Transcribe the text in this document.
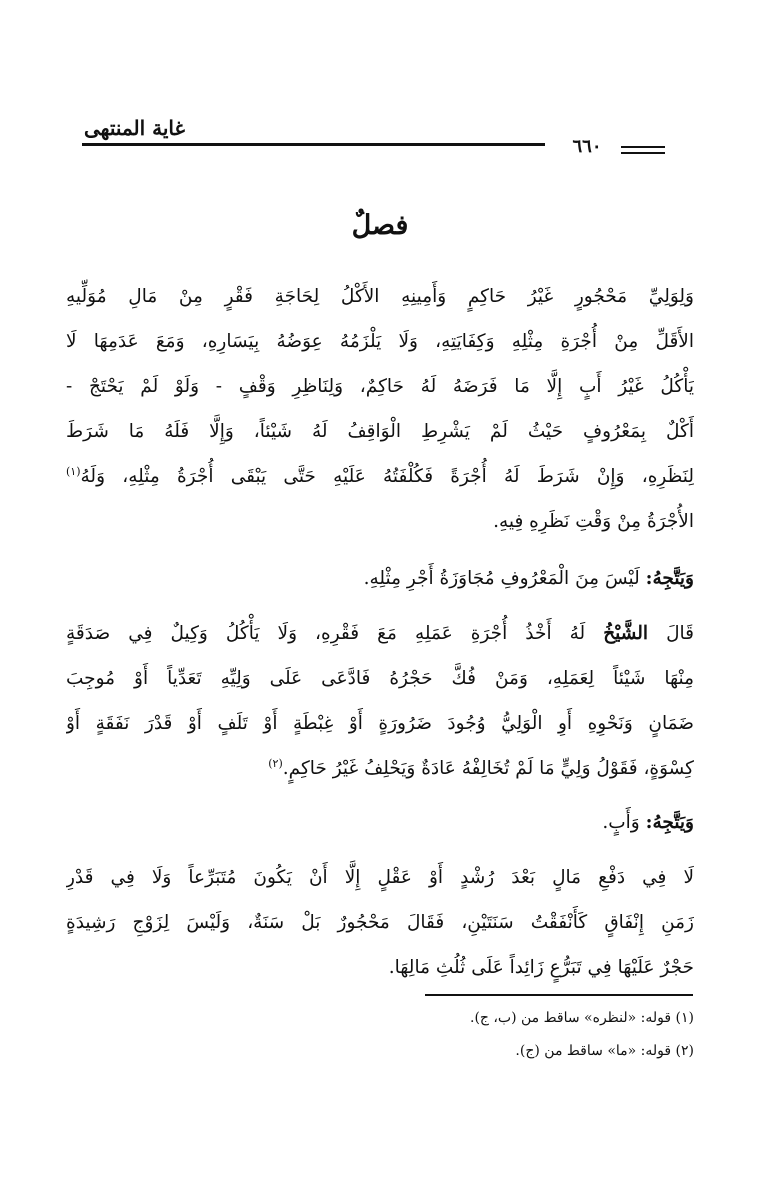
غاية المنتهى
٦٦٠
فصلٌ

وَلِوَلِيِّ مَحْجُورٍ غَيْرُ حَاكِمٍ وَأَمِينِهِ الأَكْلُ لِحَاجَةِ فَقْرٍ مِنْ مَالِ مُوَلِّيهِ
الأَقَلِّ مِنْ أُجْرَةِ مِثْلِهِ وَكِفَايَتِهِ، وَلَا يَلْزَمُهُ عِوَضُهُ بِيَسَارِهِ، وَمَعَ عَدَمِهَا لَا
يَأْكُلُ غَيْرُ أَبٍ إِلَّا مَا فَرَضَهُ لَهُ حَاكِمٌ، وَلِنَاظِرِ وَقْفٍ - وَلَوْ لَمْ يَحْتَجْ -
أَكْلٌ بِمَعْرُوفٍ حَيْثُ لَمْ يَشْرِطِ الْوَاقِفُ لَهُ شَيْئاً، وَإِلَّا فَلَهُ مَا شَرَطَ
لِنَظَرِهِ، وَإِنْ شَرَطَ لَهُ أُجْرَةً فَكُلْفَتُهُ عَلَيْهِ حَتَّى يَبْقَى أُجْرَةُ مِثْلِهِ، وَلَهُ$^{(١)}$
الأُجْرَةُ مِنْ وَقْتِ نَظَرِهِ فِيهِ.

وَيَتَّجِهُ: لَيْسَ مِنَ الْمَعْرُوفِ مُجَاوَزَةُ أَجْرِ مِثْلِهِ.

قَالَ الشَّيْخُ لَهُ أَخْذُ أُجْرَةِ عَمَلِهِ مَعَ فَقْرِهِ، وَلَا يَأْكُلُ وَكِيلٌ فِي صَدَقَةٍ
مِنْهَا شَيْئاً لِعَمَلِهِ، وَمَنْ فُكَّ حَجْرُهُ فَادَّعَى عَلَى وَلِيِّهِ تَعَدِّياً أَوْ مُوجِبَ
ضَمَانٍ وَنَحْوِهِ أَوِ الْوَلِيُّ وُجُودَ ضَرُورَةٍ أَوْ غِبْطَةٍ أَوْ تَلَفٍ أَوْ قَدْرَ نَفَقَةٍ أَوْ
كِسْوَةٍ، فَقَوْلُ وَلِيٍّ مَا لَمْ تُخَالِفْهُ عَادَةٌ وَيَحْلِفُ غَيْرُ حَاكِمٍ.$^{(٢)}$

وَيَتَّجِهُ: وَأَبٍ.

لَا فِي دَفْعِ مَالٍ بَعْدَ رُشْدٍ أَوْ عَقْلٍ إِلَّا أَنْ يَكُونَ مُتَبَرِّعاً وَلَا فِي قَدْرِ
زَمَنِ إِنْفَاقٍ كَأَنْفَقْتُ سَنَتَيْنِ، فَقَالَ مَحْجُورٌ بَلْ سَنَةٌ، وَلَيْسَ لِزَوْجِ رَشِيدَةٍ
حَجْرٌ عَلَيْهَا فِي تَبَرُّعٍ زَائِداً عَلَى ثُلُثِ مَالِهَا.

(١) قوله: «لنظره» ساقط من (ب، ج).

(٢) قوله: «ما» ساقط من (ج).
